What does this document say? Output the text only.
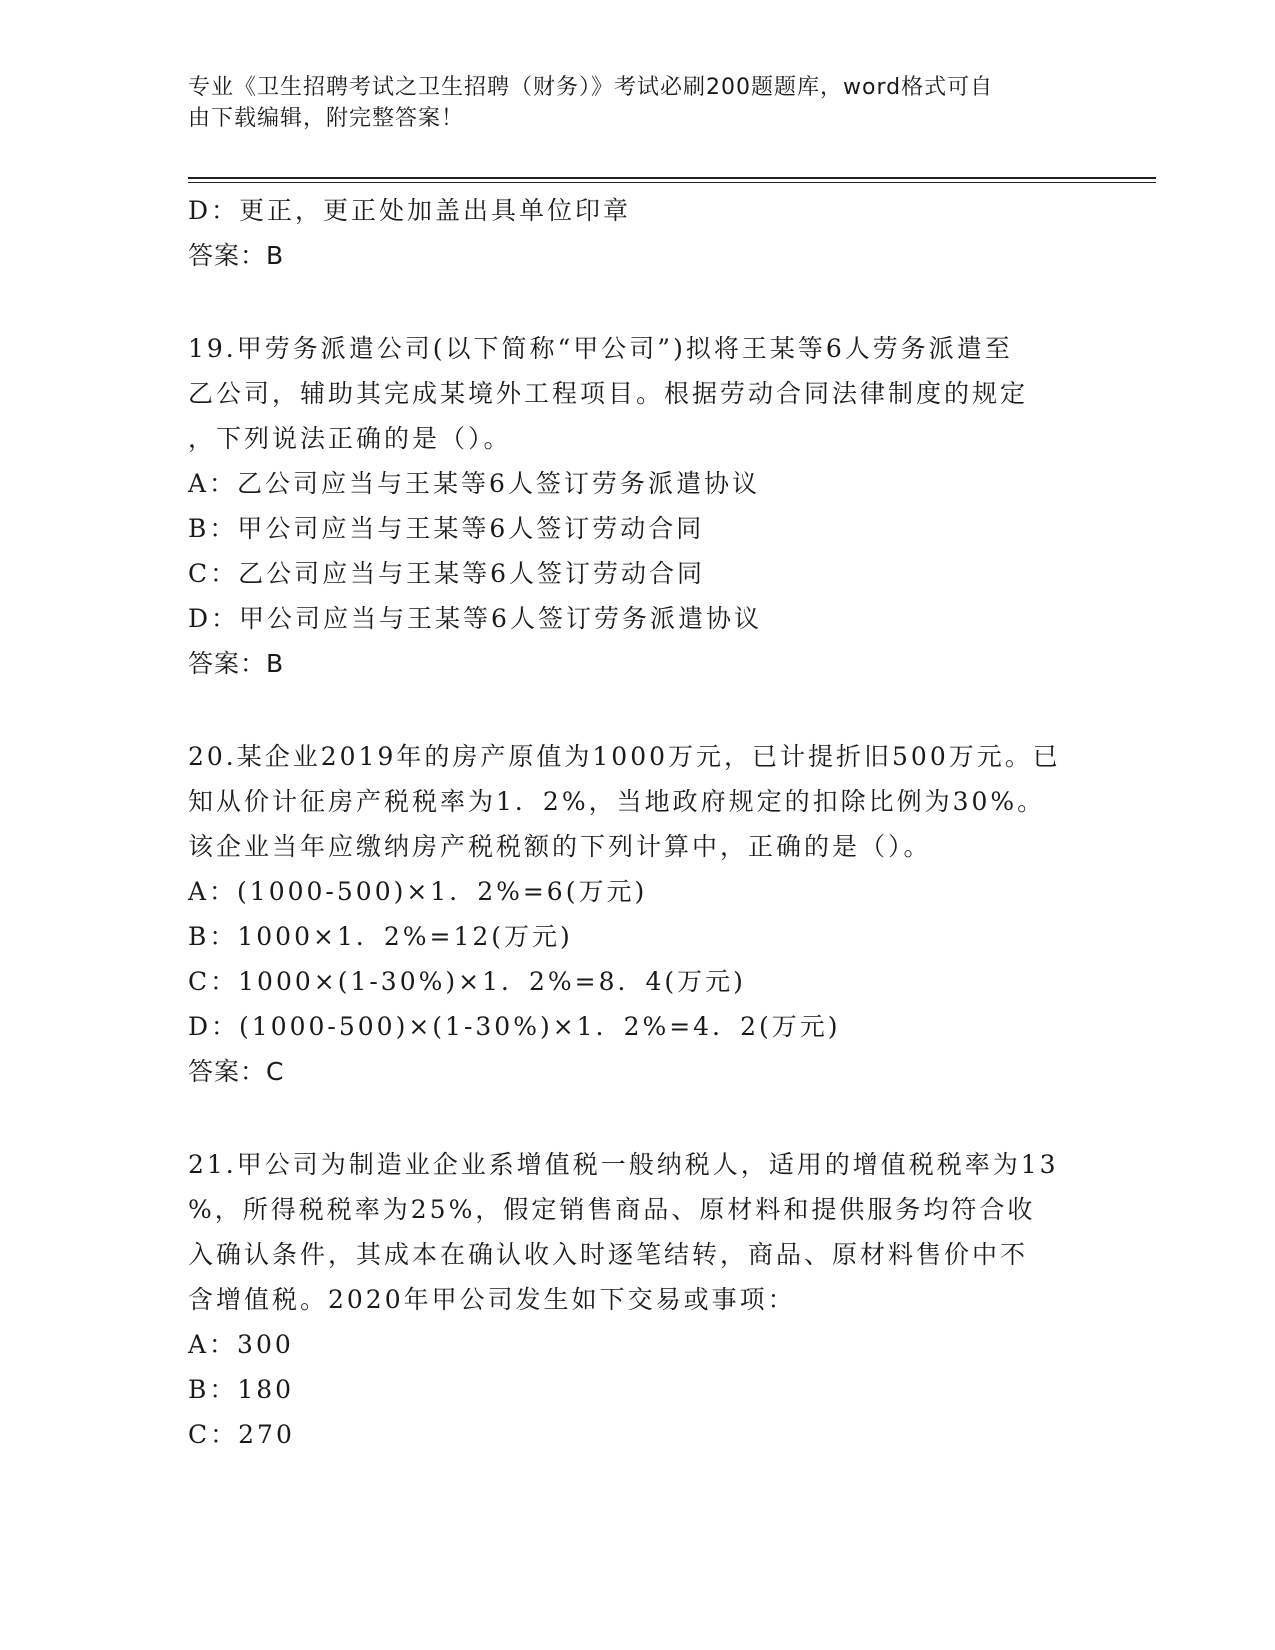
专业《卫生招聘考试之卫生招聘（财务）》考试必刷200题题库，word格式可自
由下载编辑，附完整答案！
D：更正，更正处加盖出具单位印章
答案：B
19.甲劳务派遣公司(以下简称“甲公司”)拟将王某等6人劳务派遣至
乙公司，辅助其完成某境外工程项目。根据劳动合同法律制度的规定
，下列说法正确的是（）。
A：乙公司应当与王某等6人签订劳务派遣协议
B：甲公司应当与王某等6人签订劳动合同
C：乙公司应当与王某等6人签订劳动合同
D：甲公司应当与王某等6人签订劳务派遣协议
答案：B
20.某企业2019年的房产原值为1000万元，已计提折旧500万元。已
知从价计征房产税税率为1．2%，当地政府规定的扣除比例为30%。
该企业当年应缴纳房产税税额的下列计算中，正确的是（）。
A：(1000-500)×1．2%=6(万元)
B：1000×1．2%=12(万元)
C：1000×(1-30%)×1．2%=8．4(万元)
D：(1000-500)×(1-30%)×1．2%=4．2(万元)
答案：C
21.甲公司为制造业企业系增值税一般纳税人，适用的增值税税率为13
%，所得税税率为25%，假定销售商品、原材料和提供服务均符合收
入确认条件，其成本在确认收入时逐笔结转，商品、原材料售价中不
含增值税。2020年甲公司发生如下交易或事项：
A：300
B：180
C：270
